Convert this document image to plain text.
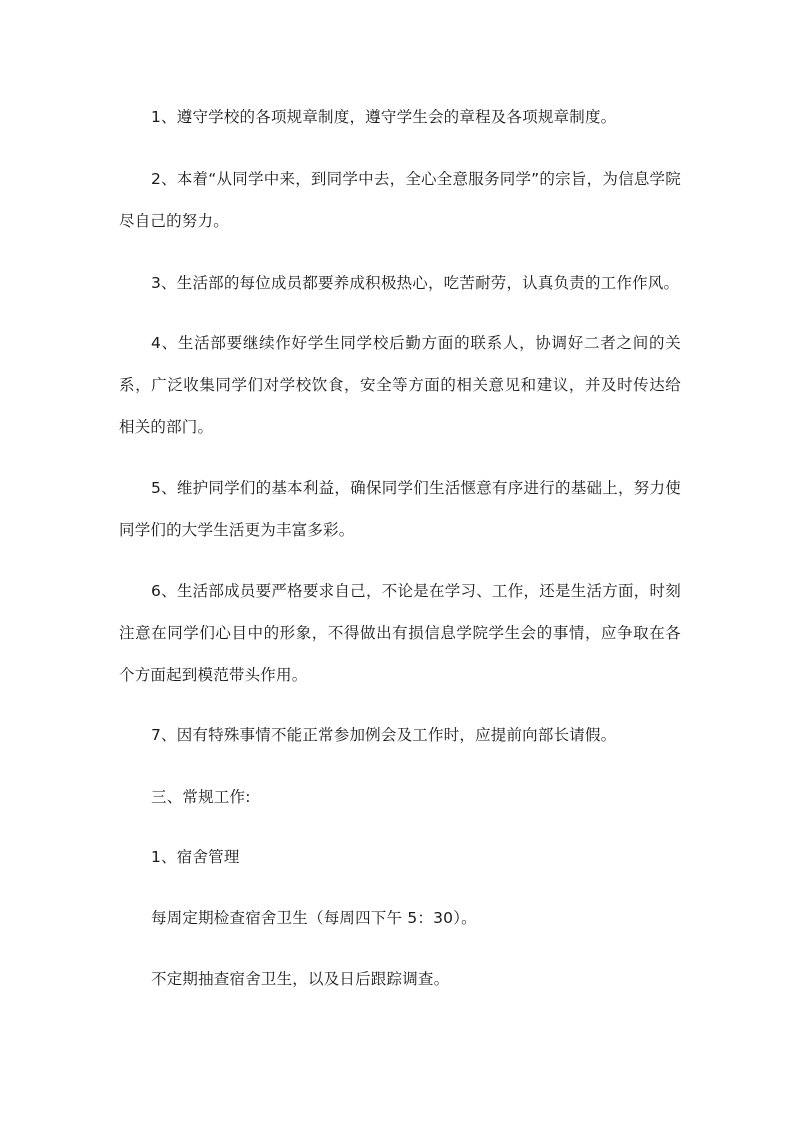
1、遵守学校的各项规章制度，遵守学生会的章程及各项规章制度。

2、本着“从同学中来，到同学中去，全心全意服务同学”的宗旨，为信息学院尽自己的努力。

3、生活部的每位成员都要养成积极热心，吃苦耐劳，认真负责的工作作风。

4、生活部要继续作好学生同学校后勤方面的联系人，协调好二者之间的关系，广泛收集同学们对学校饮食，安全等方面的相关意见和建议，并及时传达给相关的部门。

5、维护同学们的基本利益，确保同学们生活惬意有序进行的基础上，努力使同学们的大学生活更为丰富多彩。

6、生活部成员要严格要求自己，不论是在学习、工作，还是生活方面，时刻注意在同学们心目中的形象，不得做出有损信息学院学生会的事情，应争取在各个方面起到模范带头作用。

7、因有特殊事情不能正常参加例会及工作时，应提前向部长请假。

三、常规工作:

1、宿舍管理

每周定期检查宿舍卫生（每周四下午 5：30）。

不定期抽查宿舍卫生，以及日后跟踪调查。
